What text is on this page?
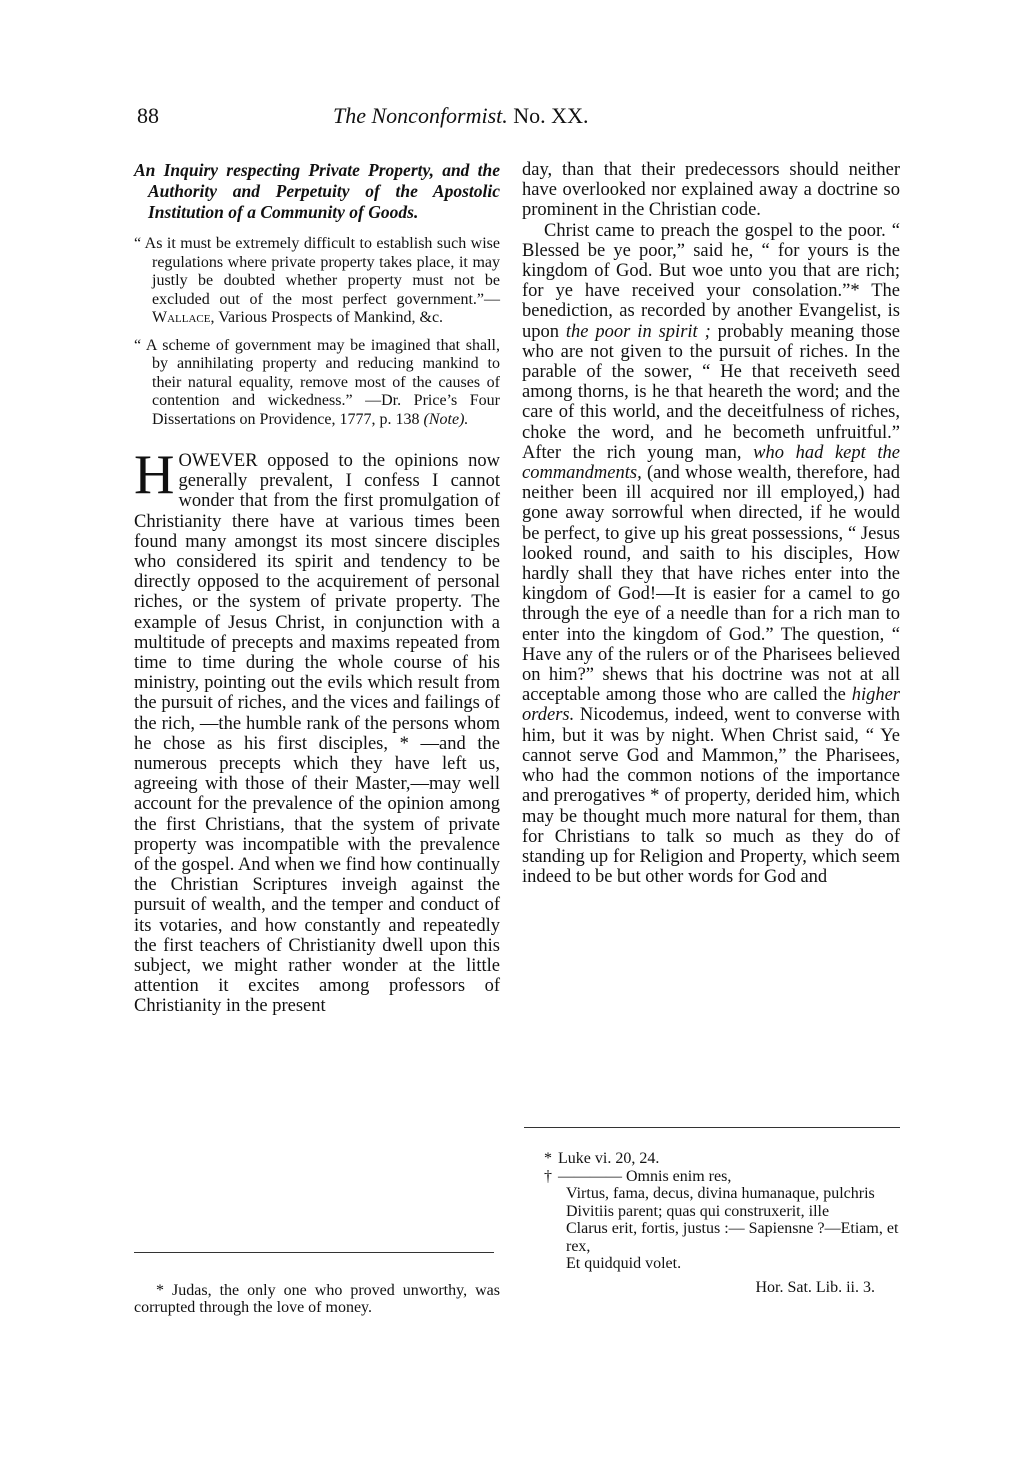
88	The Nonconformist. No. XX.

An Inquiry respecting Private Property, and the Authority and Perpetuity of the Apostolic Institution of a Community of Goods.

“ As it must be extremely difficult to establish such wise regulations where private property takes place, it may justly be doubted whether property must not be excluded out of the most perfect government.”—Wallace, Various Prospects of Mankind, &c.

“ A scheme of government may be imagined that shall, by annihilating property and reducing mankind to their natural equality, remove most of the causes of contention and wickedness.” —Dr. Price’s Four Dissertations on Providence, 1777, p. 138 (Note).

HOWEVER opposed to the opinions now generally prevalent, I confess I cannot wonder that from the first promulgation of Christianity there have at various times been found many amongst its most sincere disciples who considered its spirit and tendency to be directly opposed to the acquirement of personal riches, or the system of private property. The example of Jesus Christ, in conjunction with a multitude of precepts and maxims repeated from time to time during the whole course of his ministry, pointing out the evils which result from the pursuit of riches, and the vices and failings of the rich, —the humble rank of the persons whom he chose as his first disciples, * —and the numerous precepts which they have left us, agreeing with those of their Master,—may well account for the prevalence of the opinion among the first Christians, that the system of private property was incompatible with the prevalence of the gospel. And when we find how continually the Christian Scriptures inveigh against the pursuit of wealth, and the temper and conduct of its votaries, and how constantly and repeatedly the first teachers of Christianity dwell upon this subject, we might rather wonder at the little attention it excites among professors of Christianity in the present

day, than that their predecessors should neither have overlooked nor explained away a doctrine so prominent in the Christian code.

Christ came to preach the gospel to the poor. “ Blessed be ye poor,” said he, “ for yours is the kingdom of God. But woe unto you that are rich; for ye have received your consolation.”* The benediction, as recorded by another Evangelist, is upon the poor in spirit ; probably meaning those who are not given to the pursuit of riches. In the parable of the sower, “ He that receiveth seed among thorns, is he that heareth the word; and the care of this world, and the deceitfulness of riches, choke the word, and he becometh unfruitful.” After the rich young man, who had kept the commandments, (and whose wealth, therefore, had neither been ill acquired nor ill employed,) had gone away sorrowful when directed, if he would be perfect, to give up his great possessions, “ Jesus looked round, and saith to his disciples, How hardly shall they that have riches enter into the kingdom of God!—It is easier for a camel to go through the eye of a needle than for a rich man to enter into the kingdom of God.” The question, “ Have any of the rulers or of the Pharisees believed on him?” shews that his doctrine was not at all acceptable among those who are called the higher orders. Nicodemus, indeed, went to converse with him, but it was by night. When Christ said, “ Ye cannot serve God and Mammon,” the Pharisees, who had the common notions of the importance and prerogatives * of property, derided him, which may be thought much more natural for them, than for Christians to talk so much as they do of standing up for Religion and Property, which seem indeed to be but other words for God and

* Judas, the only one who proved unworthy, was corrupted through the love of money.

* Luke vi. 20, 24.

† ———— Omnis enim res,

Virtus, fama, decus, divina humanaque, pulchris

Divitiis parent; quas qui construxerit, ille

Clarus erit, fortis, justus :— Sapiensne ?—Etiam, et rex,

Et quidquid volet.

Hor. Sat. Lib. ii. 3.
